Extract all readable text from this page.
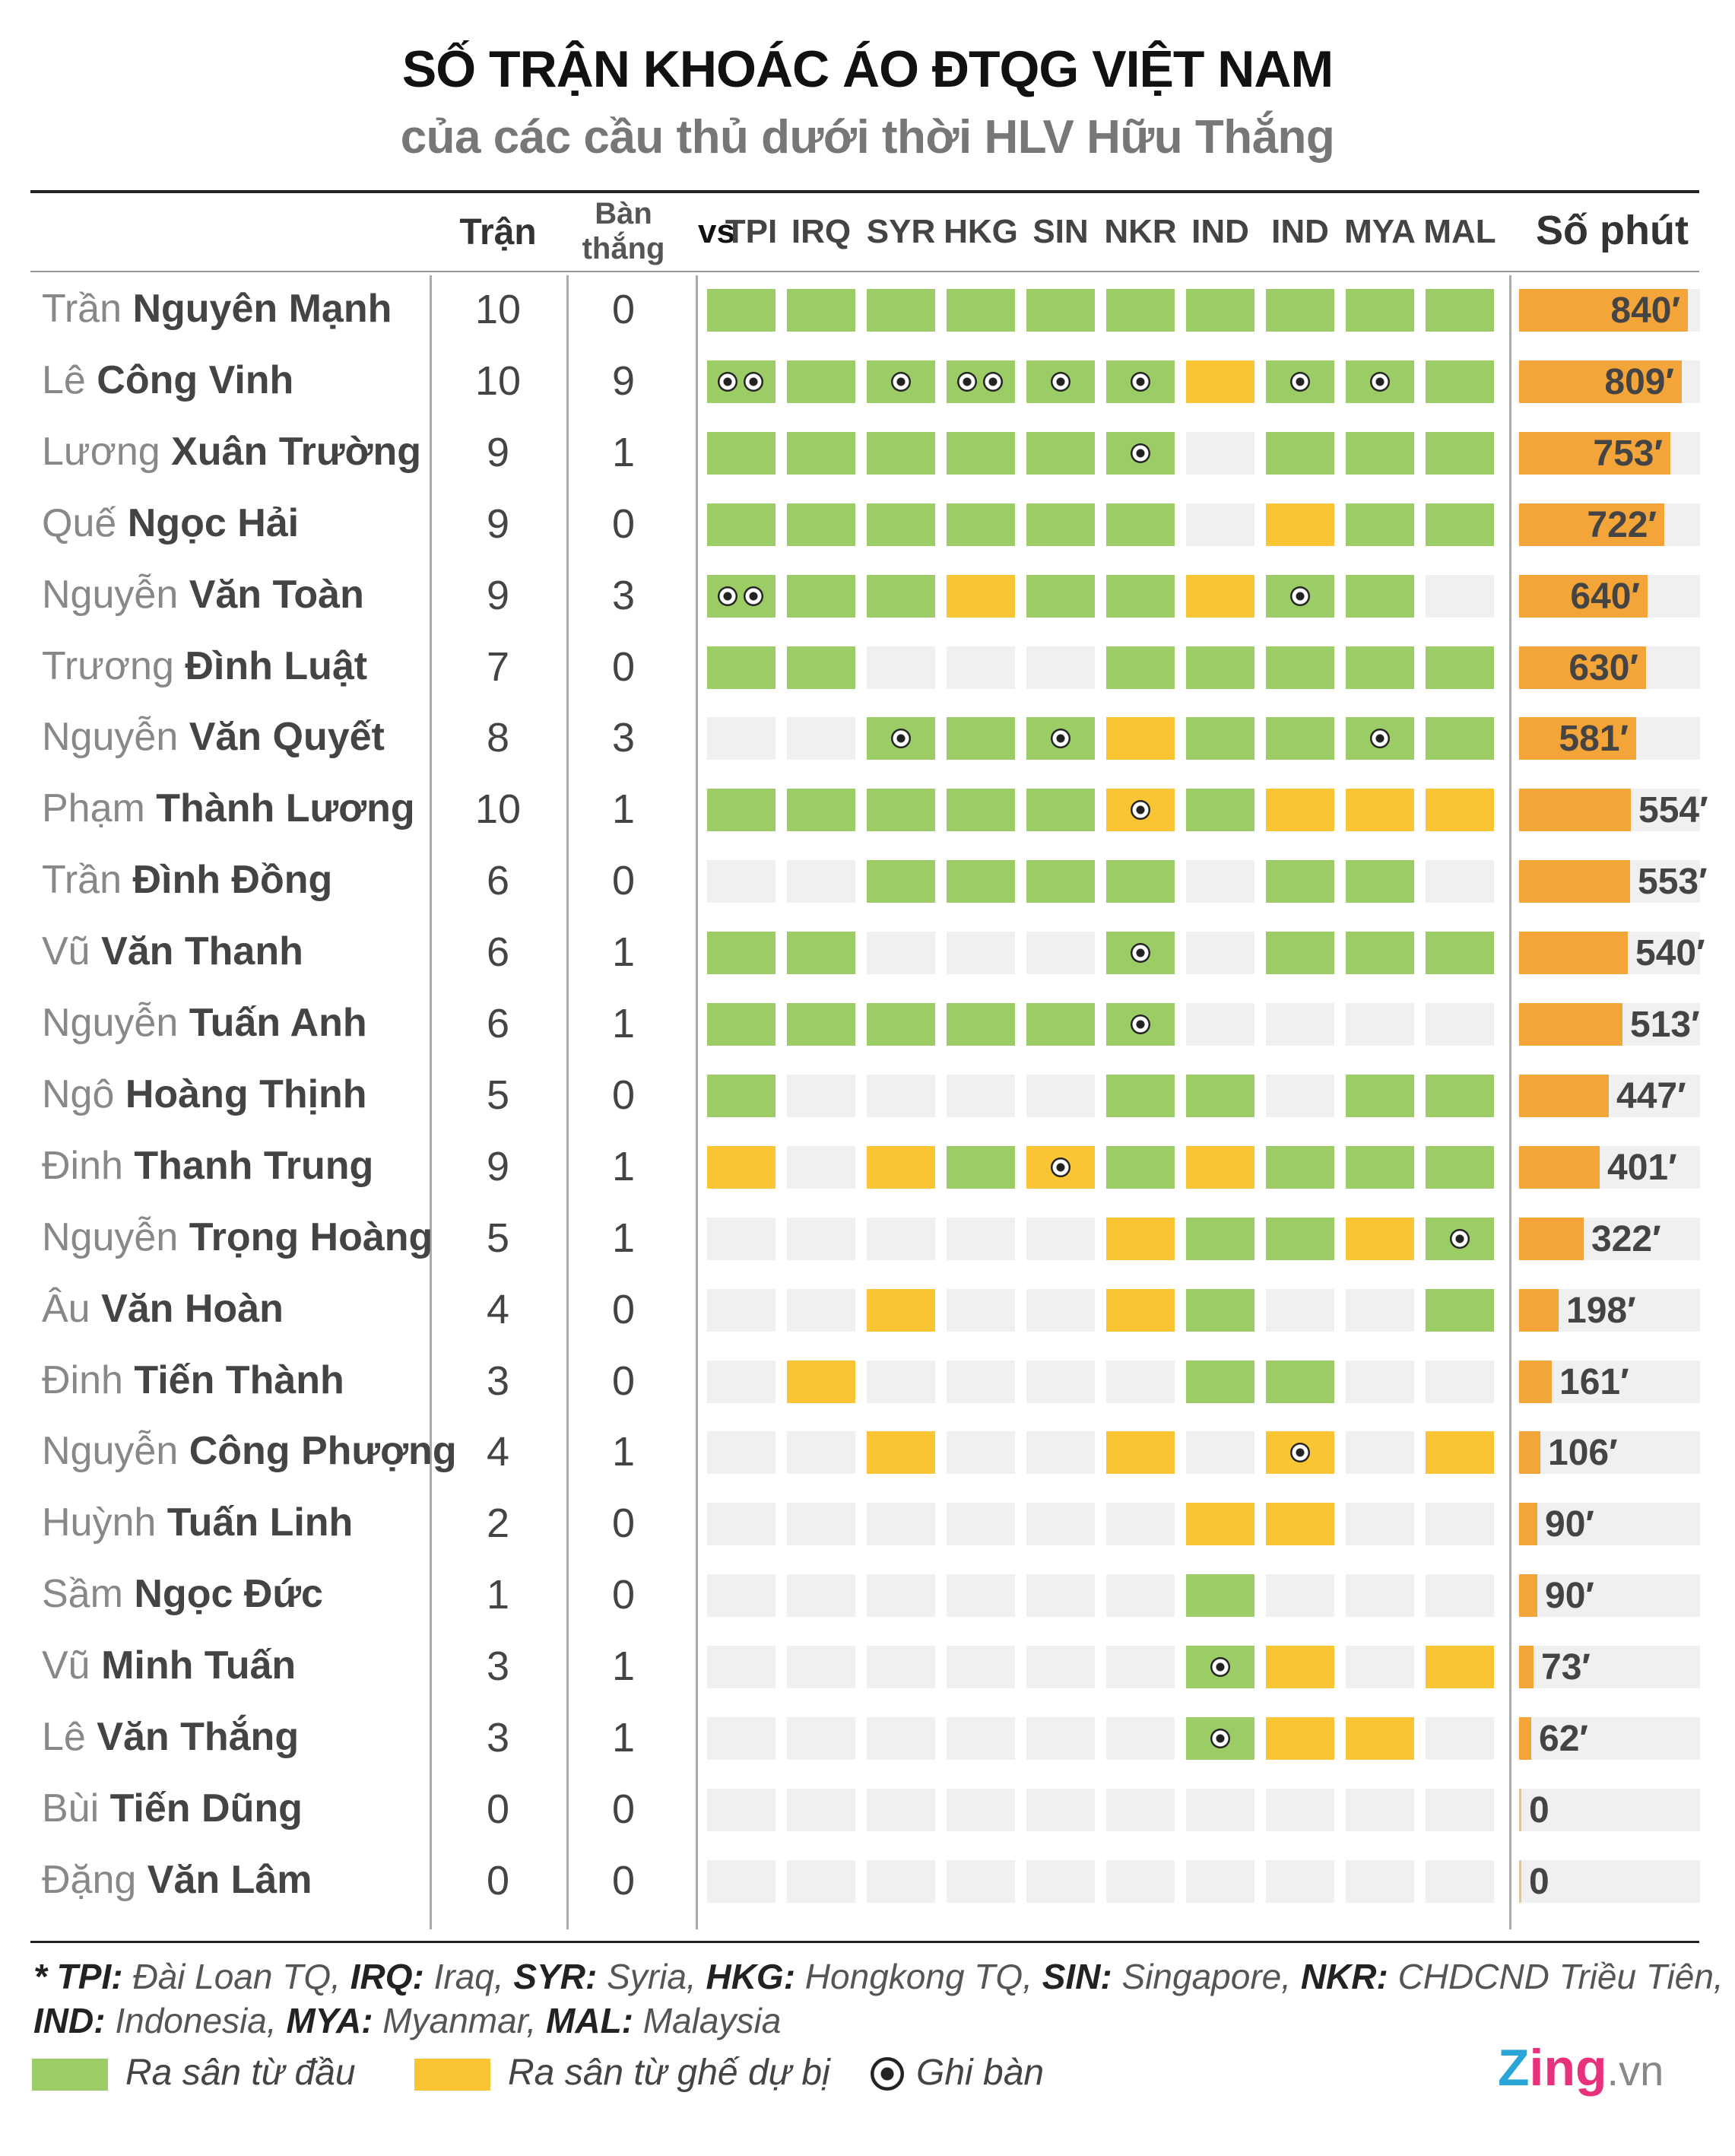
SỐ TRẬN KHOÁC ÁO ĐTQG VIỆT NAM
của các cầu thủ dưới thời HLV Hữu Thắng
Trận	Bàn
thắng vs
TPI IRQ SYR HKG SIN NKR IND IND MYA MAL Số phút
Trần Nguyên Mạnh	10	0	840′
Lê Công Vinh	10	9	809′
Lương Xuân Trường	9	1	753′
Quế Ngọc Hải	9	0	722′
Nguyễn Văn Toàn	9	3	640′
Trương Đình Luật	7	0	630′
Nguyễn Văn Quyết	8	3	581′
Phạm Thành Lương	10	1	554′
Trần Đình Đồng	6	0	553′
Vũ Văn Thanh	6	1	540′
Nguyễn Tuấn Anh	6	1	513′
Ngô Hoàng Thịnh	5	0	447′
Đinh Thanh Trung	9	1	401′
Nguyễn Trọng Hoàng	5	1	322′
Âu Văn Hoàn	4	0	198′
Đinh Tiến Thành	3	0	161′
Nguyễn Công Phượng 4	1	106′
Huỳnh Tuấn Linh	2	0	90′
Sầm Ngọc Đức	1	0	90′
Vũ Minh Tuấn	3	1	73′
Lê Văn Thắng	3	1	62′
Bùi Tiến Dũng	0	0	0
Đặng Văn Lâm	0	0	0
* TPI: Đài Loan TQ, IRQ: Iraq, SYR: Syria, HKG: Hongkong TQ, SIN: Singapore, NKR: CHDCND Triều Tiên,
IND: Indonesia, MYA: Myanmar, MAL: Malaysia
Ra sân từ đầu	Ra sân từ ghế dự bị Ghi bàn	Zing.vn
